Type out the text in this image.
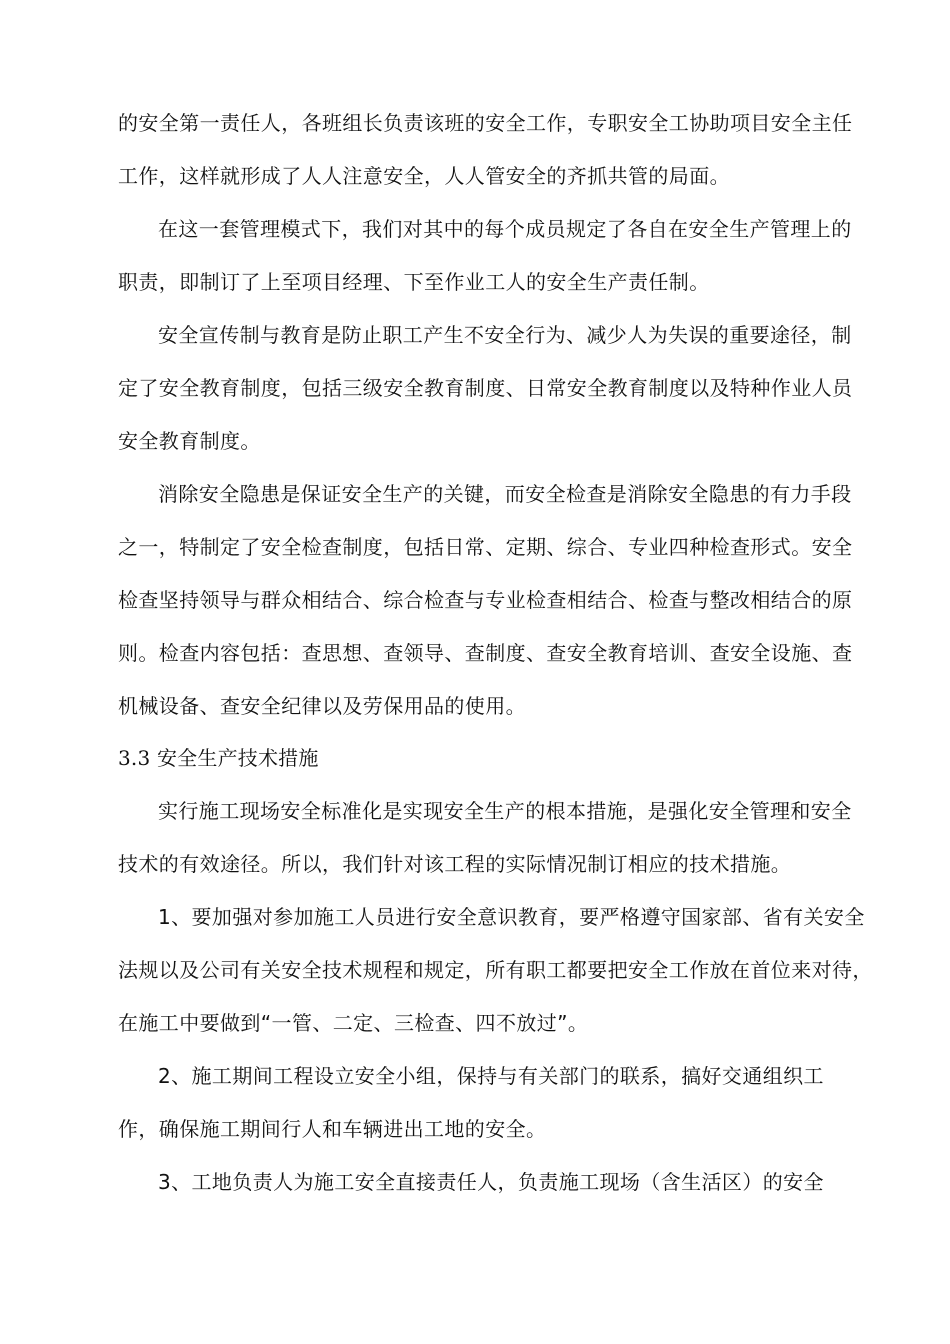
的安全第一责任人，各班组长负责该班的安全工作，专职安全工协助项目安全主任
工作，这样就形成了人人注意安全，人人管安全的齐抓共管的局面。
在这一套管理模式下，我们对其中的每个成员规定了各自在安全生产管理上的
职责，即制订了上至项目经理、下至作业工人的安全生产责任制。
安全宣传制与教育是防止职工产生不安全行为、减少人为失误的重要途径，制
定了安全教育制度，包括三级安全教育制度、日常安全教育制度以及特种作业人员
安全教育制度。
消除安全隐患是保证安全生产的关键，而安全检查是消除安全隐患的有力手段
之一，特制定了安全检查制度，包括日常、定期、综合、专业四种检查形式。安全
检查坚持领导与群众相结合、综合检查与专业检查相结合、检查与整改相结合的原
则。检查内容包括：查思想、查领导、查制度、查安全教育培训、查安全设施、查
机械设备、查安全纪律以及劳保用品的使用。
3.3 安全生产技术措施
实行施工现场安全标准化是实现安全生产的根本措施，是强化安全管理和安全
技术的有效途径。所以，我们针对该工程的实际情况制订相应的技术措施。
1、要加强对参加施工人员进行安全意识教育，要严格遵守国家部、省有关安全
法规以及公司有关安全技术规程和规定，所有职工都要把安全工作放在首位来对待，
在施工中要做到“一管、二定、三检查、四不放过”。
2、施工期间工程设立安全小组，保持与有关部门的联系，搞好交通组织工
作，确保施工期间行人和车辆进出工地的安全。
3、工地负责人为施工安全直接责任人，负责施工现场（含生活区）的安全
